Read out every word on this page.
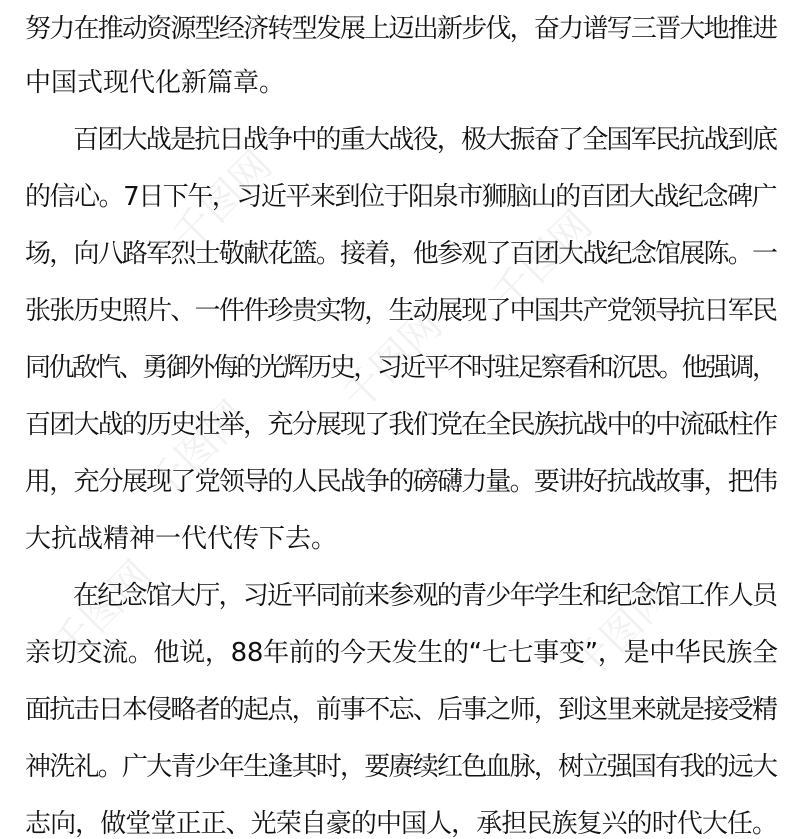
千图网
千图网
千图网
千图网
千图网
千图网
努力在推动资源型经济转型发展上迈出新步伐，奋力谱写三晋大地推进
中国式现代化新篇章。
百团大战是抗日战争中的重大战役，极大振奋了全国军民抗战到底
的信心。7日下午，习近平来到位于阳泉市狮脑山的百团大战纪念碑广
场，向八路军烈士敬献花篮。接着，他参观了百团大战纪念馆展陈。一
张张历史照片、一件件珍贵实物，生动展现了中国共产党领导抗日军民
同仇敌忾、勇御外侮的光辉历史，习近平不时驻足察看和沉思。他强调，
百团大战的历史壮举，充分展现了我们党在全民族抗战中的中流砥柱作
用，充分展现了党领导的人民战争的磅礴力量。要讲好抗战故事，把伟
大抗战精神一代代传下去。
在纪念馆大厅，习近平同前来参观的青少年学生和纪念馆工作人员
亲切交流。他说，88年前的今天发生的“七七事变”，是中华民族全
面抗击日本侵略者的起点，前事不忘、后事之师，到这里来就是接受精
神洗礼。广大青少年生逢其时，要赓续红色血脉，树立强国有我的远大
志向，做堂堂正正、光荣自豪的中国人，承担民族复兴的时代大任。
